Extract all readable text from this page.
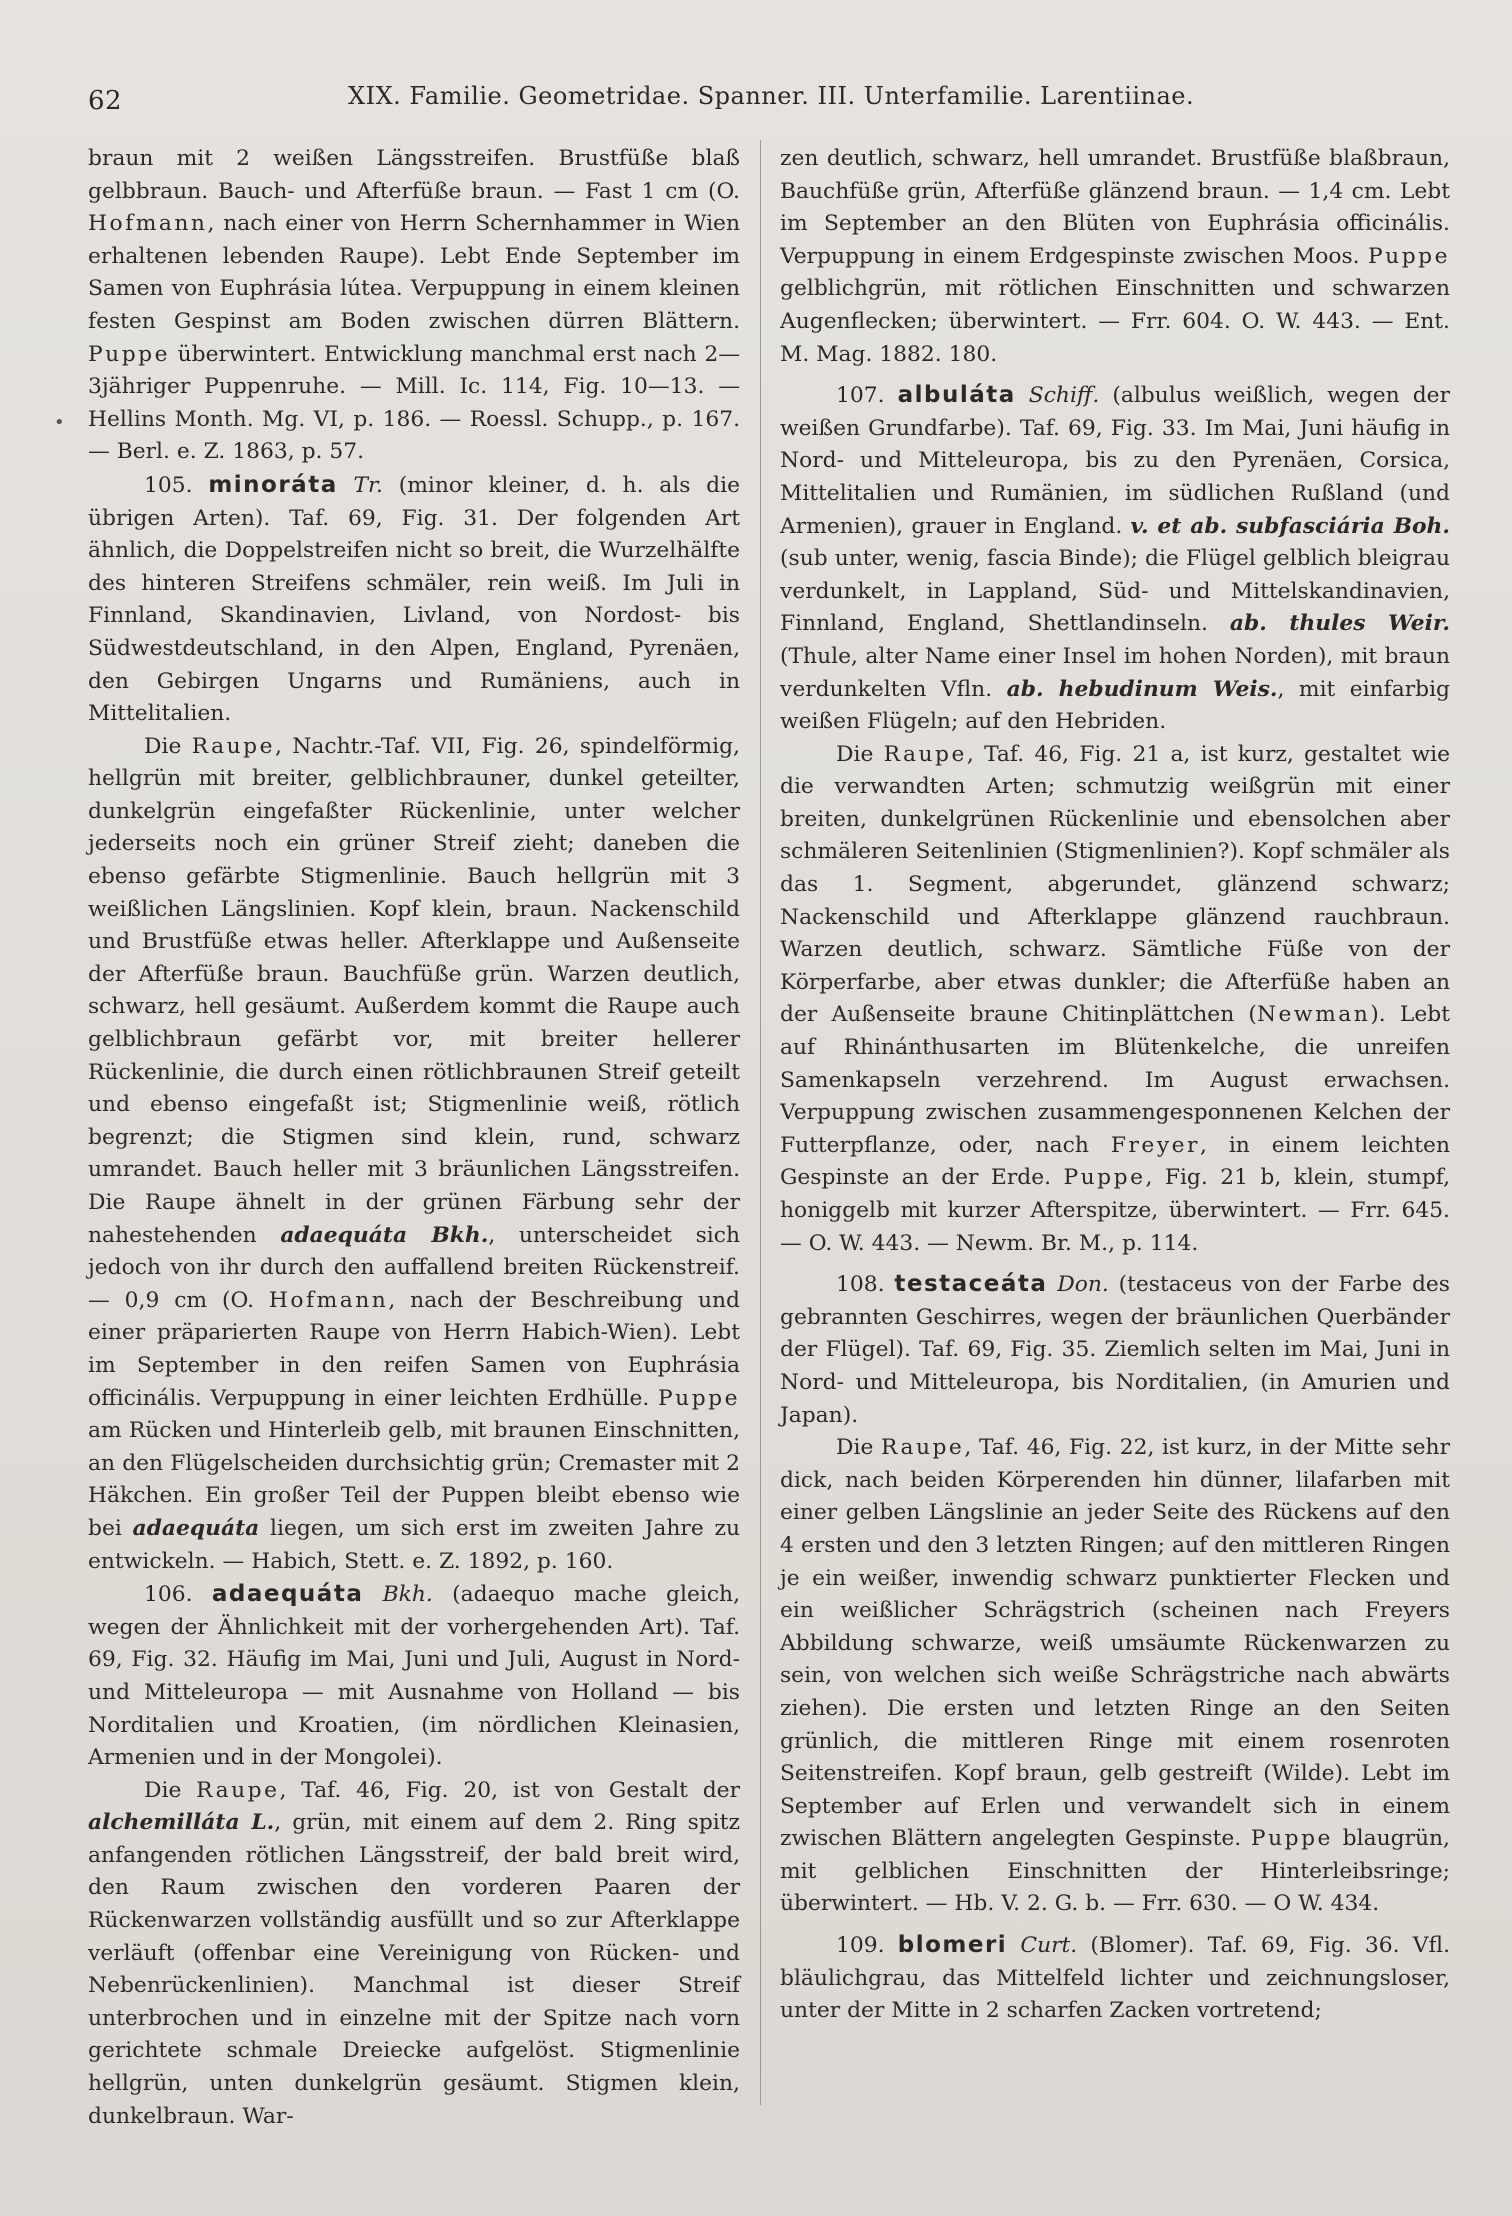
62	XIX. Familie. Geometridae. Spanner. III. Unterfamilie. Larentiinae.
•

braun mit 2 weißen Längsstreifen. Brustfüße blaß gelbbraun. Bauch- und Afterfüße braun. — Fast 1 cm (O. Hofmann, nach einer von Herrn Schernhammer in Wien erhaltenen lebenden Raupe). Lebt Ende September im Samen von Euphrásia lútea. Verpuppung in einem kleinen festen Gespinst am Boden zwischen dürren Blättern. Puppe überwintert. Entwicklung manchmal erst nach 2—3jähriger Puppenruhe. — Mill. Ic. 114, Fig. 10—13. — Hellins Month. Mg. VI, p. 186. — Roessl. Schupp., p. 167. — Berl. e. Z. 1863, p. 57.

105. minoráta Tr. (minor kleiner, d. h. als die übrigen Arten). Taf. 69, Fig. 31. Der folgenden Art ähnlich, die Doppelstreifen nicht so breit, die Wurzelhälfte des hinteren Streifens schmäler, rein weiß. Im Juli in Finnland, Skandinavien, Livland, von Nordost- bis Südwestdeutschland, in den Alpen, England, Pyrenäen, den Gebirgen Ungarns und Rumäniens, auch in Mittelitalien.

Die Raupe, Nachtr.-Taf. VII, Fig. 26, spindelförmig, hellgrün mit breiter, gelblichbrauner, dunkel geteilter, dunkelgrün eingefaßter Rückenlinie, unter welcher jederseits noch ein grüner Streif zieht; daneben die ebenso gefärbte Stigmenlinie. Bauch hellgrün mit 3 weißlichen Längslinien. Kopf klein, braun. Nackenschild und Brustfüße etwas heller. Afterklappe und Außenseite der Afterfüße braun. Bauchfüße grün. Warzen deutlich, schwarz, hell gesäumt. Außerdem kommt die Raupe auch gelblichbraun gefärbt vor, mit breiter hellerer Rückenlinie, die durch einen rötlichbraunen Streif geteilt und ebenso eingefaßt ist; Stigmenlinie weiß, rötlich begrenzt; die Stigmen sind klein, rund, schwarz umrandet. Bauch heller mit 3 bräunlichen Längsstreifen. Die Raupe ähnelt in der grünen Färbung sehr der nahestehenden adaequáta Bkh., unterscheidet sich jedoch von ihr durch den auffallend breiten Rückenstreif. — 0,9 cm (O. Hofmann, nach der Beschreibung und einer präparierten Raupe von Herrn Habich-Wien). Lebt im September in den reifen Samen von Euphrásia officinális. Verpuppung in einer leichten Erdhülle. Puppe am Rücken und Hinterleib gelb, mit braunen Einschnitten, an den Flügelscheiden durchsichtig grün; Cremaster mit 2 Häkchen. Ein großer Teil der Puppen bleibt ebenso wie bei adaequáta liegen, um sich erst im zweiten Jahre zu entwickeln. — Habich, Stett. e. Z. 1892, p. 160.

106. adaequáta Bkh. (adaequo mache gleich, wegen der Ähnlichkeit mit der vorhergehenden Art). Taf. 69, Fig. 32. Häufig im Mai, Juni und Juli, August in Nord- und Mitteleuropa — mit Ausnahme von Holland — bis Norditalien und Kroatien, (im nördlichen Kleinasien, Armenien und in der Mongolei).

Die Raupe, Taf. 46, Fig. 20, ist von Gestalt der alchemilláta L., grün, mit einem auf dem 2. Ring spitz anfangenden rötlichen Längsstreif, der bald breit wird, den Raum zwischen den vorderen Paaren der Rückenwarzen vollständig ausfüllt und so zur Afterklappe verläuft (offenbar eine Vereinigung von Rücken- und Nebenrückenlinien). Manchmal ist dieser Streif unterbrochen und in einzelne mit der Spitze nach vorn gerichtete schmale Dreiecke aufgelöst. Stigmenlinie hellgrün, unten dunkelgrün gesäumt. Stigmen klein, dunkelbraun. War-

zen deutlich, schwarz, hell umrandet. Brustfüße blaßbraun, Bauchfüße grün, Afterfüße glänzend braun. — 1,4 cm. Lebt im September an den Blüten von Euphrásia officinális. Verpuppung in einem Erdgespinste zwischen Moos. Puppe gelblichgrün, mit rötlichen Einschnitten und schwarzen Augenflecken; überwintert. — Frr. 604. O. W. 443. — Ent. M. Mag. 1882. 180.

107. albuláta Schiff. (albulus weißlich, wegen der weißen Grundfarbe). Taf. 69, Fig. 33. Im Mai, Juni häufig in Nord- und Mitteleuropa, bis zu den Pyrenäen, Corsica, Mittelitalien und Rumänien, im südlichen Rußland (und Armenien), grauer in England. v. et ab. subfasciária Boh. (sub unter, wenig, fascia Binde); die Flügel gelblich bleigrau verdunkelt, in Lappland, Süd- und Mittelskandinavien, Finnland, England, Shettlandinseln. ab. thules Weir. (Thule, alter Name einer Insel im hohen Norden), mit braun verdunkelten Vfln. ab. hebudinum Weis., mit einfarbig weißen Flügeln; auf den Hebriden.

Die Raupe, Taf. 46, Fig. 21 a, ist kurz, gestaltet wie die verwandten Arten; schmutzig weißgrün mit einer breiten, dunkelgrünen Rückenlinie und ebensolchen aber schmäleren Seitenlinien (Stigmenlinien?). Kopf schmäler als das 1. Segment, abgerundet, glänzend schwarz; Nackenschild und Afterklappe glänzend rauchbraun. Warzen deutlich, schwarz. Sämtliche Füße von der Körperfarbe, aber etwas dunkler; die Afterfüße haben an der Außenseite braune Chitinplättchen (Newman). Lebt auf Rhinánthusarten im Blütenkelche, die unreifen Samenkapseln verzehrend. Im August erwachsen. Verpuppung zwischen zusammengesponnenen Kelchen der Futterpflanze, oder, nach Freyer, in einem leichten Gespinste an der Erde. Puppe, Fig. 21 b, klein, stumpf, honiggelb mit kurzer Afterspitze, überwintert. — Frr. 645. — O. W. 443. — Newm. Br. M., p. 114.

108. testaceáta Don. (testaceus von der Farbe des gebrannten Geschirres, wegen der bräunlichen Querbänder der Flügel). Taf. 69, Fig. 35. Ziemlich selten im Mai, Juni in Nord- und Mitteleuropa, bis Norditalien, (in Amurien und Japan).

Die Raupe, Taf. 46, Fig. 22, ist kurz, in der Mitte sehr dick, nach beiden Körperenden hin dünner, lilafarben mit einer gelben Längslinie an jeder Seite des Rückens auf den 4 ersten und den 3 letzten Ringen; auf den mittleren Ringen je ein weißer, inwendig schwarz punktierter Flecken und ein weißlicher Schrägstrich (scheinen nach Freyers Abbildung schwarze, weiß umsäumte Rückenwarzen zu sein, von welchen sich weiße Schrägstriche nach abwärts ziehen). Die ersten und letzten Ringe an den Seiten grünlich, die mittleren Ringe mit einem rosenroten Seitenstreifen. Kopf braun, gelb gestreift (Wilde). Lebt im September auf Erlen und verwandelt sich in einem zwischen Blättern angelegten Gespinste. Puppe blaugrün, mit gelblichen Einschnitten der Hinterleibsringe; überwintert. — Hb. V. 2. G. b. — Frr. 630. — O W. 434.

109. blomeri Curt. (Blomer). Taf. 69, Fig. 36. Vfl. bläulichgrau, das Mittelfeld lichter und zeichnungsloser, unter der Mitte in 2 scharfen Zacken vortretend;
